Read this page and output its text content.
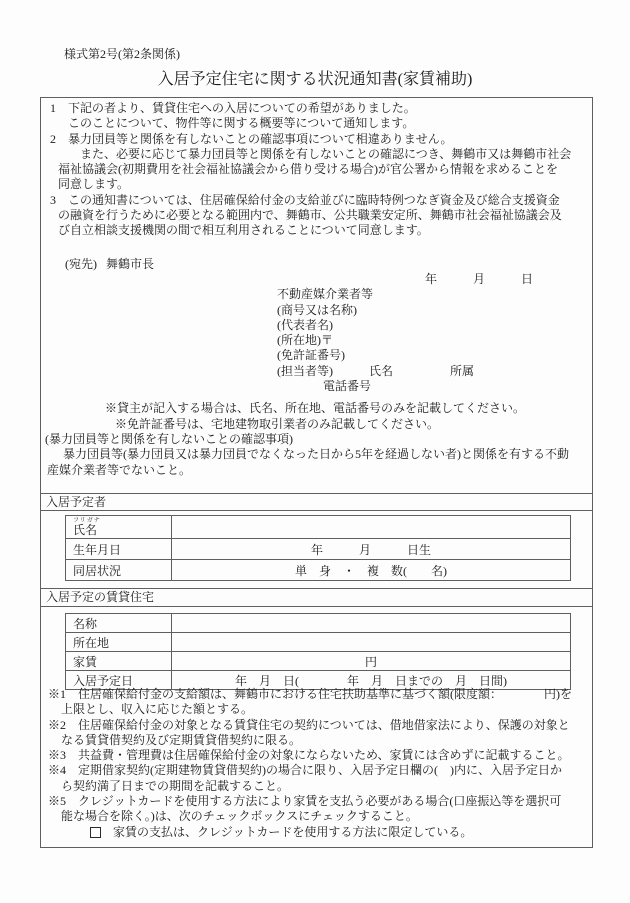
様式第2号(第2条関係)
入居予定住宅に関する状況通知書(家賃補助)
1 下記の者より、賃貸住宅への入居についての希望がありました。
このことについて、物件等に関する概要等について通知します。
2 暴力団員等と関係を有しないことの確認事項について相違ありません。
また、必要に応じて暴力団員等と関係を有しないことの確認につき、舞鶴市又は舞鶴市社会
福祉協議会(初期費用を社会福祉協議会から借り受ける場合)が官公署から情報を求めることを
同意します。
3 この通知書については、住居確保給付金の支給並びに臨時特例つなぎ資金及び総合支援資金
の融資を行うために必要となる範囲内で、舞鶴市、公共職業安定所、舞鶴市社会福祉協議会及
び自立相談支援機関の間で相互利用されることについて同意します。
(宛先) 舞鶴市長
年　　　月　　　日
不動産媒介業者等
(商号又は名称)
(代表者名)
(所在地)〒
(免許証番号)
(担当者等)	氏名	所属
電話番号
※貸主が記入する場合は、氏名、所在地、電話番号のみを記載してください。
※免許証番号は、宅地建物取引業者のみ記載してください。
(暴力団員等と関係を有しないことの確認事項)
暴力団員等(暴力団員又は暴力団員でなくなった日から5年を経過しない者)と関係を有する不動
産媒介業者等でないこと。
入居予定者
フリガナ
氏名	

生年月日	年　　　月　　　日生
同居状況	単　身　・　複　数(　　名)
入居予定の賃貸住宅
名称	
所在地	
家賃	円
入居予定日	年　月　日(　　　　年　月　日までの　月　日間)
※1　住居確保給付金の支給額は、舞鶴市における住宅扶助基準に基づく額(限度額：　　　　円)を
上限とし、収入に応じた額とする。
※2　住居確保給付金の対象となる賃貸住宅の契約については、借地借家法により、保護の対象と
なる賃貸借契約及び定期賃貸借契約に限る。
※3　共益費・管理費は住居確保給付金の対象にならないため、家賃には含めずに記載すること。
※4　定期借家契約(定期建物賃貸借契約)の場合に限り、入居予定日欄の(　)内に、入居予定日か
ら契約満了日までの期間を記載すること。
※5　クレジットカードを使用する方法により家賃を支払う必要がある場合(口座振込等を選択可
能な場合を除く。)は、次のチェックボックスにチェックすること。
家賃の支払は、クレジットカードを使用する方法に限定している。
